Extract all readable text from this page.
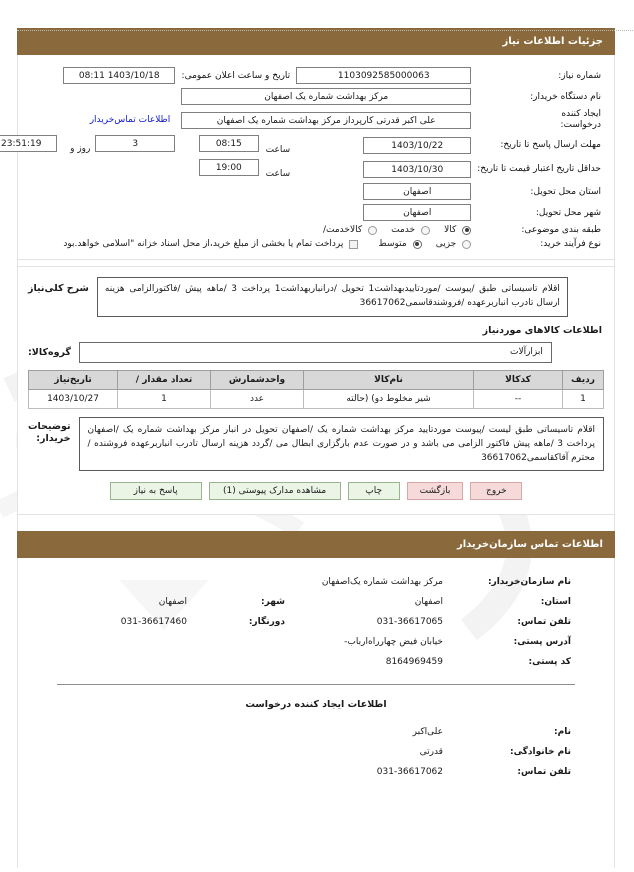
جزئیات اطلاعات نیاز
شماره نیاز:	1103092585000063	تاریخ و ساعت اعلان عمومی:	1403/10/18 08:11	

نام دستگاه خریدار:	مرکز بهداشت شماره یک اصفهان			

ایجاد کننده
درخواست:	علی اکبر قدرتی کارپرداز مرکز بهداشت شماره یک اصفهان		اطلاعات تماس‌خریدار	
مهلت ارسال پاسخ تا تاریخ:	1403/10/22	ساعت 08:15	3 روز و	23:51:19
حداقل تاریخ اعتبار قیمت تا تاریخ:	1403/10/30	ساعت 19:00		
استان محل تحویل:	اصفهان			

شهر محل تحویل:	اصفهان			

طبقه بندی موضوعی:	کالا
خدمت
کالا‌خدمت/			

نوع فرآیند خرید:	جزیی
متوسط
پرداخت تمام یا بخشی از مبلغ خرید،از محل اسناد خزانه "اسلامی خواهد.بود			
اقلام تاسیساتی طبق /پیوست /موردتاییدبهداشت1 تحویل /درانباربهداشت1 پرداخت 3 /ماهه پیش /فاکتورالزامی هزینه ارسال تادرب انباربرعهده /فروشندقاسمی36617062
شرح کلی‌نیاز
اطلاعات کالاهای موردنیاز
ابزارآلات
گروه‌کالا:
ردیف	کدکالا	نام‌کالا	واحدشمارش	تعداد مقدار /	تاریخ‌نیاز
1	--	شیر مخلوط دو) (حالته	عدد	1	1403/10/27
اقلام تاسیساتی طبق لیست /پیوست موردتایید مرکز بهداشت شماره یک /اصفهان تحویل در انبار مرکز بهداشت شماره یک /اصفهان پرداخت 3 /ماهه پیش فاکتور الزامی می باشد و در صورت عدم بارگزاری ابطال می /گردد هزینه ارسال تادرب انباربرعهده فروشنده /محترم آقاکقاسمی36617062
توضیحات
خریدار:
خروج
بازگشت
چاپ
مشاهده مدارک پیوستی (1)
پاسخ به نیاز
اطلاعات تماس سازمان‌خریدار
نام سازمان‌خریدار:	مرکز بهداشت شماره یک‌اصفهان		
استان:	اصفهان	شهر:	اصفهان
تلفن تماس:	031-36617065	دورنگار:	031-36617460
آدرس پستی:	خیابان فیض چهارراه‌ارباب-		
کد پستی:	8164969459		
اطلاعات ایجاد کننده درخواست
نام:	علی‌اکبر	
نام خانوادگی:	قدرتی	
تلفن تماس:	031-36617062	
